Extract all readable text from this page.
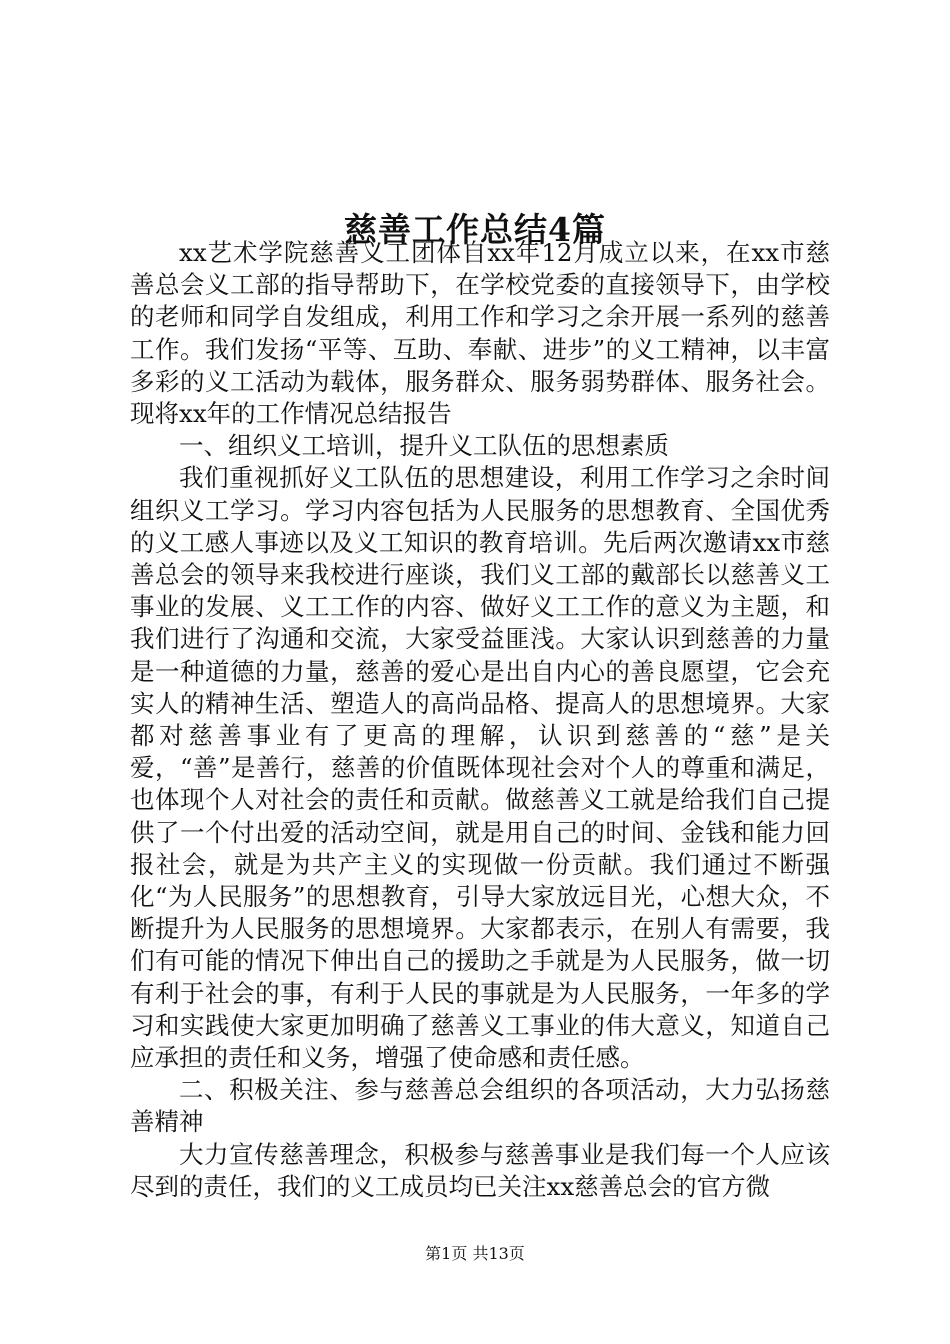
慈善工作总结4篇

xx艺术学院慈善义工团体自xx年12月成立以来，在xx市慈善总会义工部的指导帮助下，在学校党委的直接领导下，由学校的老师和同学自发组成，利用工作和学习之余开展一系列的慈善工作。我们发扬“平等、互助、奉献、进步”的义工精神，以丰富多彩的义工活动为载体，服务群众、服务弱势群体、服务社会。现将xx年的工作情况总结报告

一、组织义工培训，提升义工队伍的思想素质

我们重视抓好义工队伍的思想建设，利用工作学习之余时间组织义工学习。学习内容包括为人民服务的思想教育、全国优秀的义工感人事迹以及义工知识的教育培训。先后两次邀请xx市慈善总会的领导来我校进行座谈，我们义工部的戴部长以慈善义工事业的发展、义工工作的内容、做好义工工作的意义为主题，和我们进行了沟通和交流，大家受益匪浅。大家认识到慈善的力量是一种道德的力量，慈善的爱心是出自内心的善良愿望，它会充实人的精神生活、塑造人的高尚品格、提高人的思想境界。大家都对慈善事业有了更高的理解，认识到慈善的“慈”是关爱，“善”是善行，慈善的价值既体现社会对个人的尊重和满足，也体现个人对社会的责任和贡献。做慈善义工就是给我们自己提供了一个付出爱的活动空间，就是用自己的时间、金钱和能力回报社会，就是为共产主义的实现做一份贡献。我们通过不断强化“为人民服务”的思想教育，引导大家放远目光，心想大众，不断提升为人民服务的思想境界。大家都表示，在别人有需要，我们有可能的情况下伸出自己的援助之手就是为人民服务，做一切有利于社会的事，有利于人民的事就是为人民服务，一年多的学习和实践使大家更加明确了慈善义工事业的伟大意义，知道自己应承担的责任和义务，增强了使命感和责任感。

二、积极关注、参与慈善总会组织的各项活动，大力弘扬慈善精神

大力宣传慈善理念，积极参与慈善事业是我们每一个人应该尽到的责任，我们的义工成员均已关注xx慈善总会的官方微

第1页 共13页
